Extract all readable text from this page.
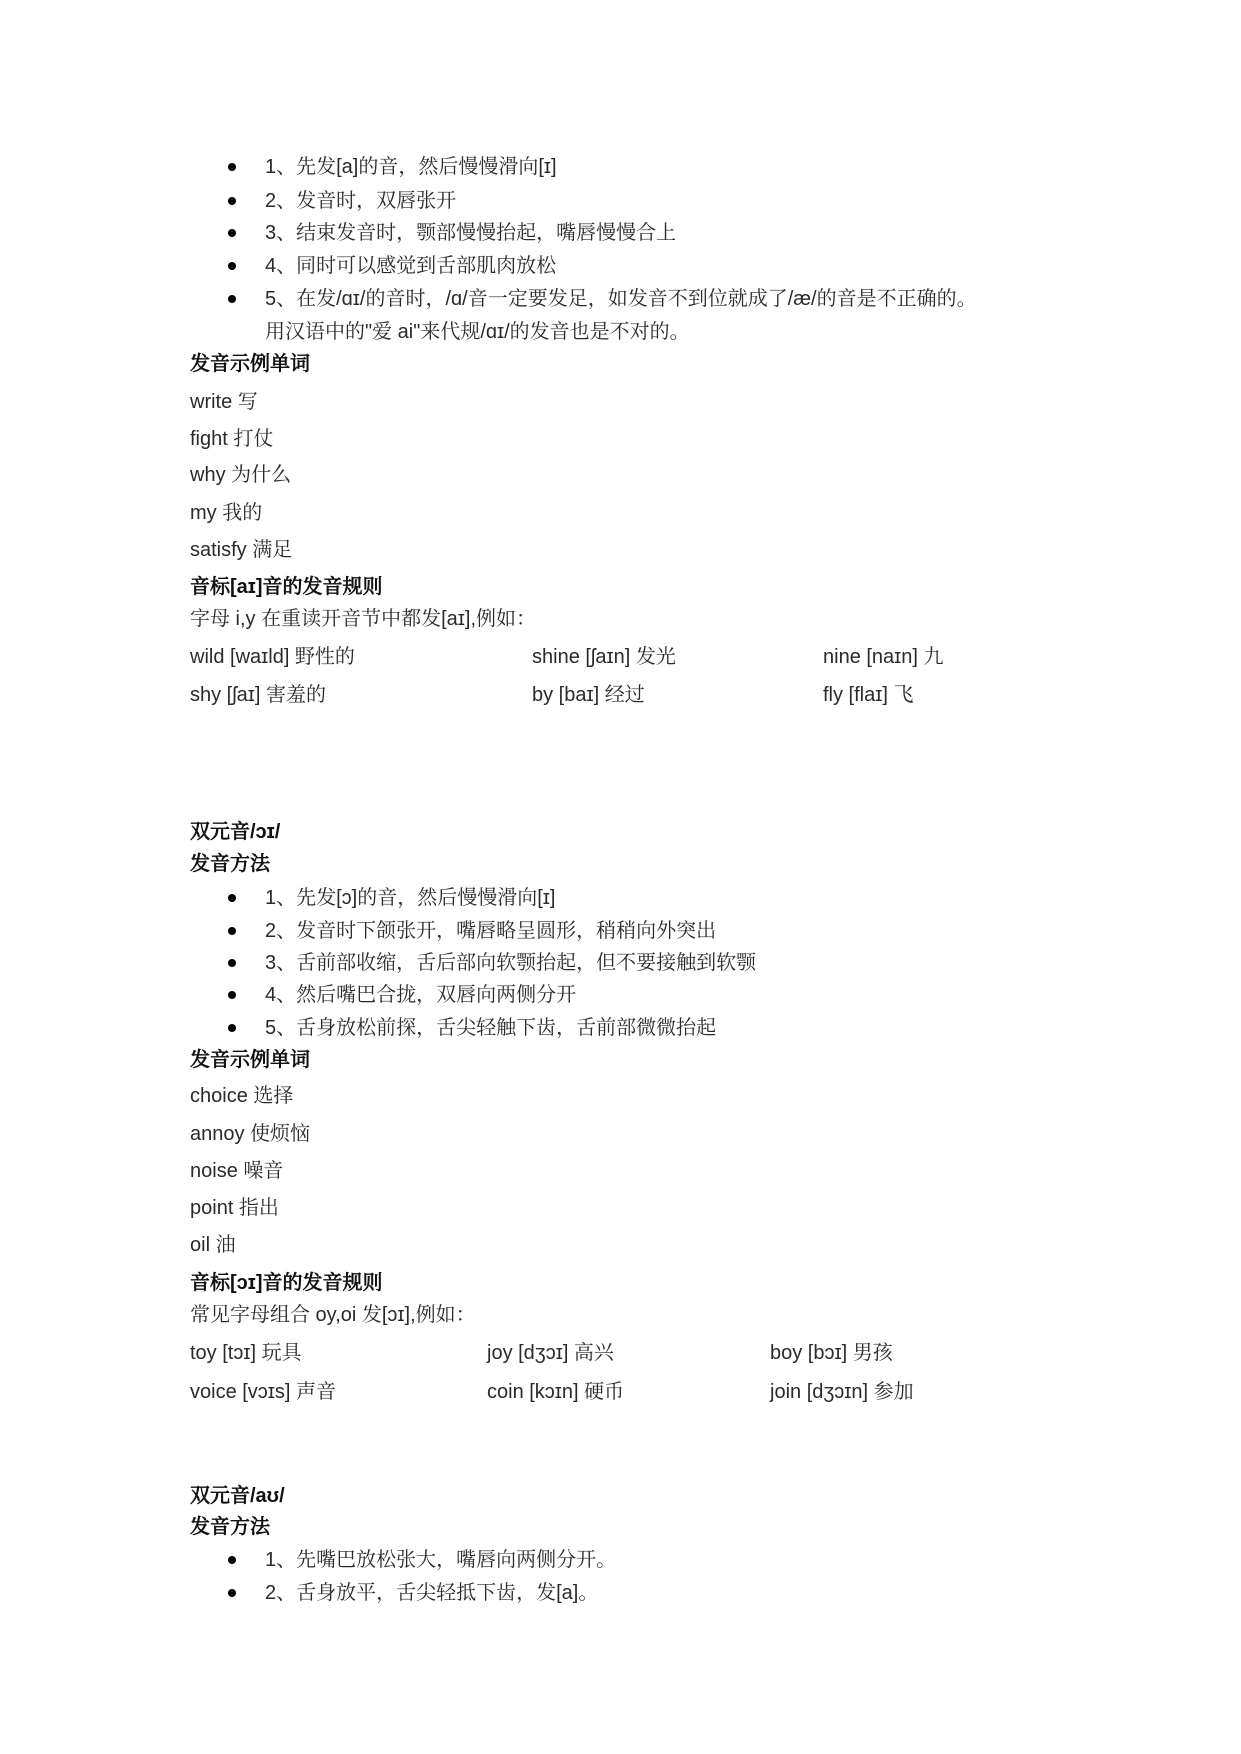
1、先发[a]的音，然后慢慢滑向[ɪ]
2、发音时，双唇张开
3、结束发音时，颚部慢慢抬起，嘴唇慢慢合上
4、同时可以感觉到舌部肌肉放松
5、在发/ɑɪ/的音时，/ɑ/音一定要发足，如发音不到位就成了/æ/的音是不正确的。
用汉语中的"爱 ai"来代规/ɑɪ/的发音也是不对的。
发音示例单词
write 写
fight 打仗
why 为什么
my 我的
satisfy 满足
音标[aɪ]音的发音规则
字母 i,y 在重读开音节中都发[aɪ],例如：
wild [waɪld] 野性的	shine [ʃaɪn] 发光	nine [naɪn] 九
shy [ʃaɪ] 害羞的	by [baɪ] 经过	fly [flaɪ] 飞
双元音/ɔɪ/
发音方法
1、先发[ɔ]的音，然后慢慢滑向[ɪ]
2、发音时下颌张开，嘴唇略呈圆形，稍稍向外突出
3、舌前部收缩，舌后部向软颚抬起，但不要接触到软颚
4、然后嘴巴合拢，双唇向两侧分开
5、舌身放松前探，舌尖轻触下齿，舌前部微微抬起
发音示例单词
choice 选择
annoy 使烦恼
noise 噪音
point 指出
oil 油
音标[ɔɪ]音的发音规则
常见字母组合 oy,oi 发[ɔɪ],例如：
toy [tɔɪ] 玩具	joy [dʒɔɪ] 高兴	boy [bɔɪ] 男孩
voice [vɔɪs] 声音	coin [kɔɪn] 硬币	join [dʒɔɪn] 参加
双元音/aʊ/
发音方法
1、先嘴巴放松张大，嘴唇向两侧分开。
2、舌身放平，舌尖轻抵下齿，发[a]。
